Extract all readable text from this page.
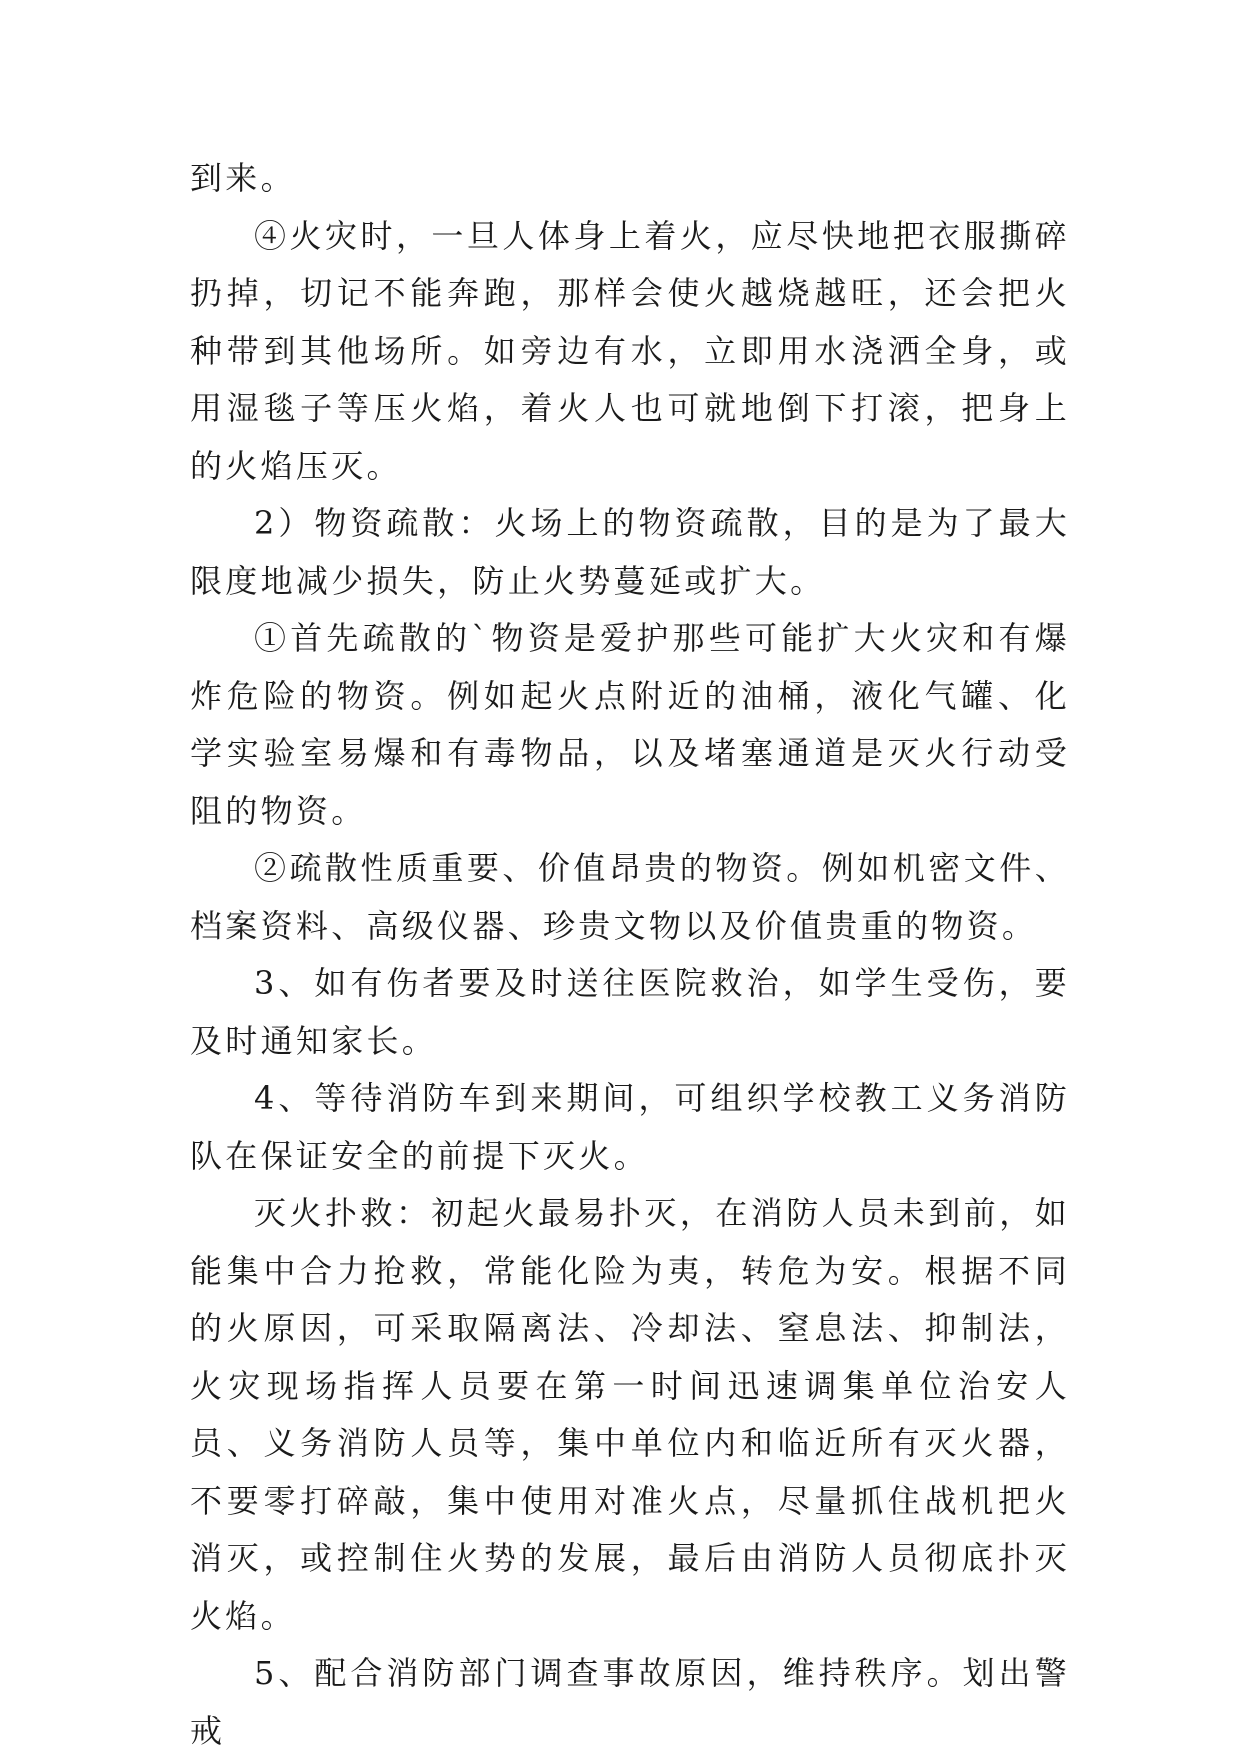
到来。

④火灾时，一旦人体身上着火，应尽快地把衣服撕碎扔掉，切记不能奔跑，那样会使火越烧越旺，还会把火种带到其他场所。如旁边有水，立即用水浇洒全身，或用湿毯子等压火焰，着火人也可就地倒下打滚，把身上的火焰压灭。

2）物资疏散：火场上的物资疏散，目的是为了最大限度地减少损失，防止火势蔓延或扩大。

①首先疏散的`物资是爱护那些可能扩大火灾和有爆炸危险的物资。例如起火点附近的油桶，液化气罐、化学实验室易爆和有毒物品，以及堵塞通道是灭火行动受阻的物资。

②疏散性质重要、价值昂贵的物资。例如机密文件、档案资料、高级仪器、珍贵文物以及价值贵重的物资。

3、如有伤者要及时送往医院救治，如学生受伤，要及时通知家长。

4、等待消防车到来期间，可组织学校教工义务消防队在保证安全的前提下灭火。

灭火扑救：初起火最易扑灭，在消防人员未到前，如能集中合力抢救，常能化险为夷，转危为安。根据不同的火原因，可采取隔离法、冷却法、窒息法、抑制法，火灾现场指挥人员要在第一时间迅速调集单位治安人员、义务消防人员等，集中单位内和临近所有灭火器，不要零打碎敲，集中使用对准火点，尽量抓住战机把火消灭，或控制住火势的发展，最后由消防人员彻底扑灭火焰。

5、配合消防部门调查事故原因，维持秩序。划出警戒
